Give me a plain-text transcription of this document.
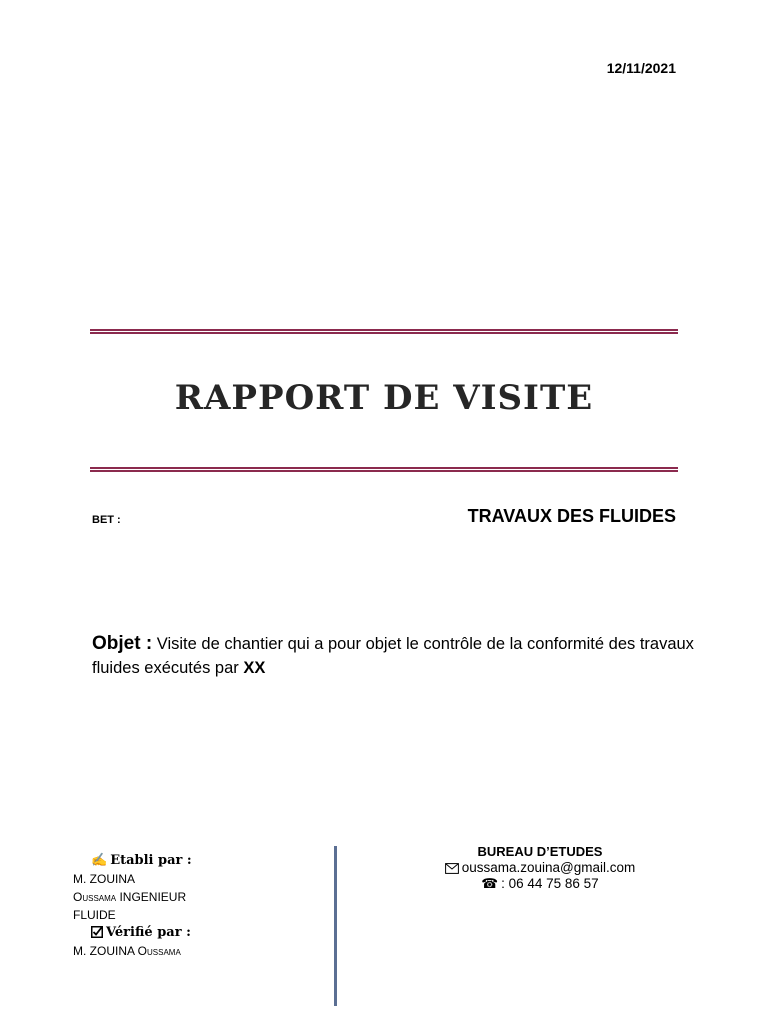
12/11/2021
RAPPORT DE VISITE
BET :	TRAVAUX DES FLUIDES
Objet : Visite de chantier qui a pour objet le contrôle de la conformité des travaux fluides exécutés par XX
✍ Etabli par :
M. ZOUINA
Oussama INGENIEUR
FLUIDE
Vérifié par :
M. ZOUINA Oussama
BUREAU D’ETUDES
oussama.zouina@gmail.com
☎ : 06 44 75 86 57
